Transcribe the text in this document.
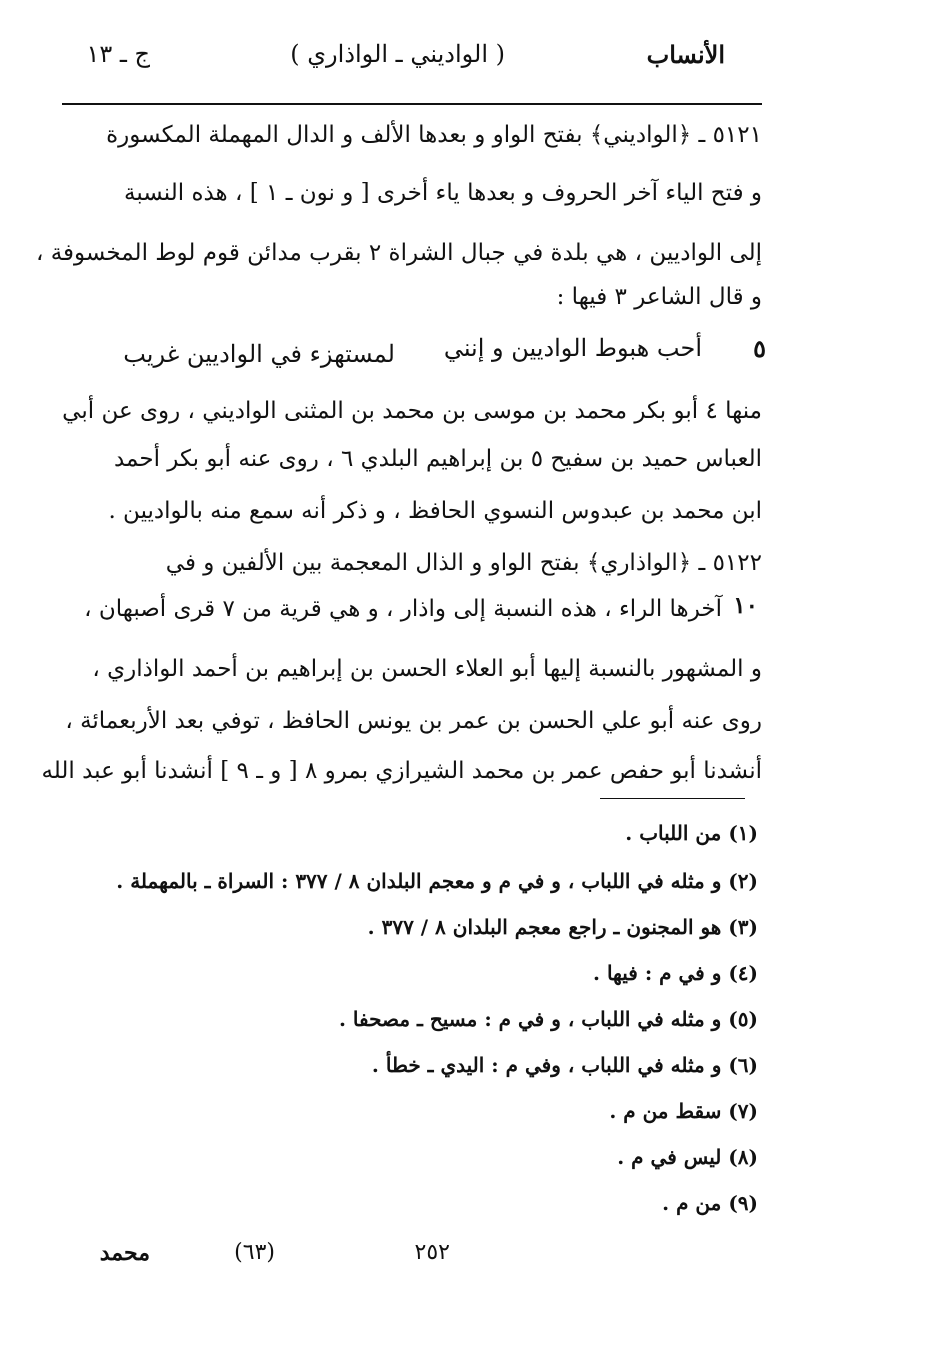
الأنساب
( الواديني ـ الواذاري )
ج ـ ١٣
٥١٢١ ـ ﴿الواديني﴾ بفتح الواو و بعدها الألف و الدال المهملة المكسورة
و فتح الياء آخر الحروف و بعدها ياء أخرى [ و نون ـ ١ ] ، هذه النسبة
إلى الواديين ، هي بلدة في جبال الشراة ٢ بقرب مدائن قوم لوط المخسوفة ،
و قال الشاعر ٣ فيها :
٥
أحب هبوط الواديين و إنني
لمستهزء في الواديين غريب
منها ٤ أبو بكر محمد بن موسى بن محمد بن المثنى الواديني ، روى عن أبي
العباس حميد بن سفيح ٥ بن إبراهيم البلدي ٦ ، روى عنه أبو بكر أحمد
ابن محمد بن عبدوس النسوي الحافظ ، و ذكر أنه سمع منه بالواديين .
٥١٢٢ ـ ﴿الواذاري﴾ بفتح الواو و الذال المعجمة بين الألفين و في
١٠
آخرها الراء ، هذه النسبة إلى واذار ، و هي قرية من ٧ قرى أصبهان ،
و المشهور بالنسبة إليها أبو العلاء الحسن بن إبراهيم بن أحمد الواذاري ،
روى عنه أبو علي الحسن بن عمر بن يونس الحافظ ، توفي بعد الأربعمائة ،
أنشدنا أبو حفص عمر بن محمد الشيرازي بمرو ٨ [ و ـ ٩ ] أنشدنا أبو عبد الله
(١) من اللباب .
(٢) و مثله في اللباب ، و في م و معجم البلدان ٨ / ٣٧٧ : السراة ـ بالمهملة .
(٣) هو المجنون ـ راجع معجم البلدان ٨ / ٣٧٧ .
(٤) و في م : فيها .
(٥) و مثله في اللباب ، و في م : مسيح ـ مصحفا .
(٦) و مثله في اللباب ، وفي م : اليدي ـ خطأ .
(٧) سقط من م .
(٨) ليس في م .
(٩) من م .
٢٥٢
(٦٣)
محمد
